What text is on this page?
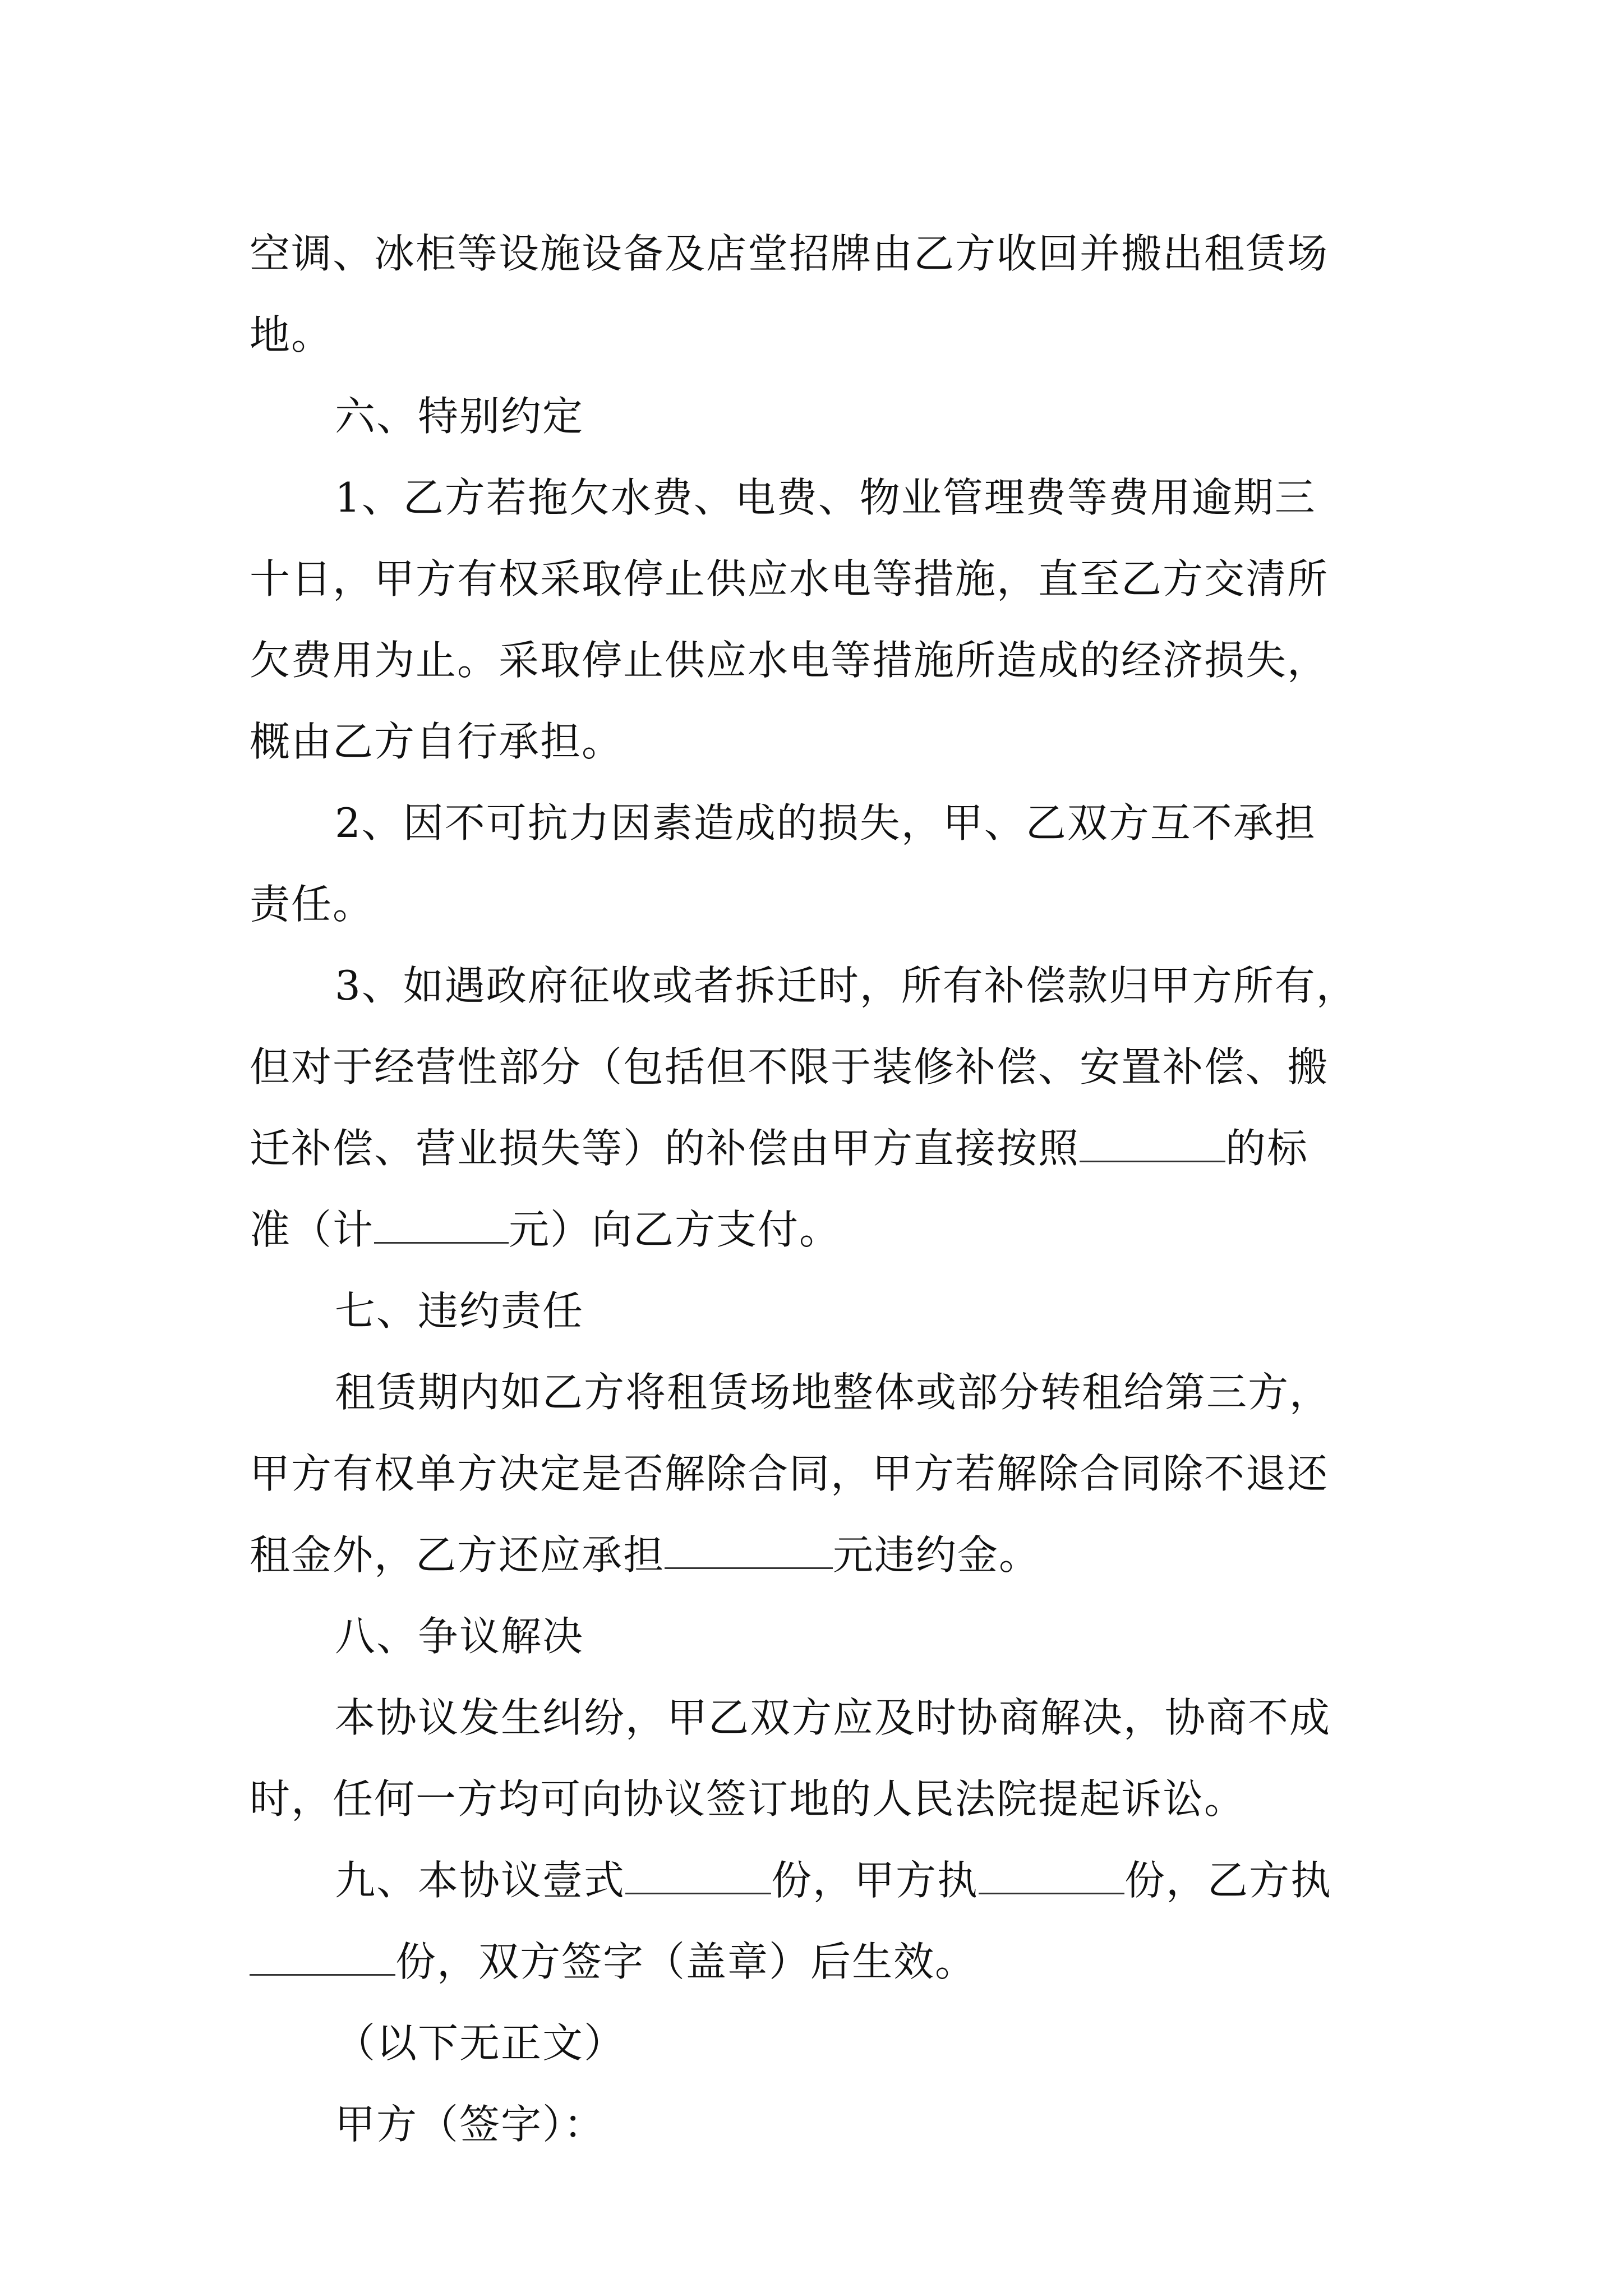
空调、冰柜等设施设备及店堂招牌由乙方收回并搬出租赁场
地。
六、特别约定
1、乙方若拖欠水费、电费、物业管理费等费用逾期三
十日，甲方有权采取停止供应水电等措施，直至乙方交清所
欠费用为止。采取停止供应水电等措施所造成的经济损失，
概由乙方自行承担。
2、因不可抗力因素造成的损失，甲、乙双方互不承担
责任。
3、如遇政府征收或者拆迁时，所有补偿款归甲方所有，
但对于经营性部分（包括但不限于装修补偿、安置补偿、搬
迁补偿、营业损失等）的补偿由甲方直接按照	的标
准（计	元）向乙方支付。
七、违约责任
租赁期内如乙方将租赁场地整体或部分转租给第三方，
甲方有权单方决定是否解除合同，甲方若解除合同除不退还
租金外，乙方还应承担	元违约金。
八、争议解决
本协议发生纠纷，甲乙双方应及时协商解决，协商不成
时，任何一方均可向协议签订地的人民法院提起诉讼。
九、本协议壹式	份，甲方执	份，乙方执
份，双方签字（盖章）后生效。
（以下无正文）
甲方（签字）：
